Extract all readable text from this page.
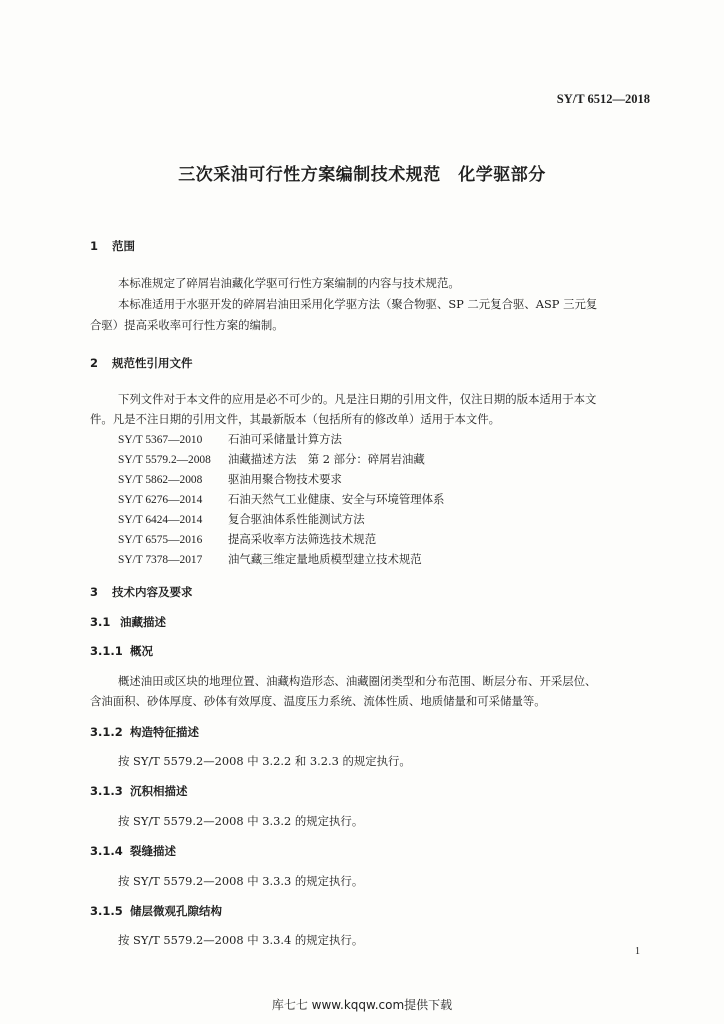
SY/T 6512—2018
三次采油可行性方案编制技术规范　化学驱部分
1 范围
本标准规定了碎屑岩油藏化学驱可行性方案编制的内容与技术规范。
本标准适用于水驱开发的碎屑岩油田采用化学驱方法（聚合物驱、SP 二元复合驱、ASP 三元复
合驱）提高采收率可行性方案的编制。
2 规范性引用文件
下列文件对于本文件的应用是必不可少的。凡是注日期的引用文件，仅注日期的版本适用于本文
件。凡是不注日期的引用文件，其最新版本（包括所有的修改单）适用于本文件。
SY/T 5367—2010 石油可采储量计算方法
SY/T 5579.2—2008 油藏描述方法　第 2 部分：碎屑岩油藏
SY/T 5862—2008 驱油用聚合物技术要求
SY/T 6276—2014 石油天然气工业健康、安全与环境管理体系
SY/T 6424—2014 复合驱油体系性能测试方法
SY/T 6575—2016 提高采收率方法筛选技术规范
SY/T 7378—2017 油气藏三维定量地质模型建立技术规范
3 技术内容及要求
3.1 油藏描述
3.1.1 概况
概述油田或区块的地理位置、油藏构造形态、油藏圈闭类型和分布范围、断层分布、开采层位、
含油面积、砂体厚度、砂体有效厚度、温度压力系统、流体性质、地质储量和可采储量等。
3.1.2 构造特征描述
按 SY/T 5579.2—2008 中 3.2.2 和 3.2.3 的规定执行。
3.1.3 沉积相描述
按 SY/T 5579.2—2008 中 3.3.2 的规定执行。
3.1.4 裂缝描述
按 SY/T 5579.2—2008 中 3.3.3 的规定执行。
3.1.5 储层微观孔隙结构
按 SY/T 5579.2—2008 中 3.3.4 的规定执行。
1
库七七 www.kqqw.com提供下载
